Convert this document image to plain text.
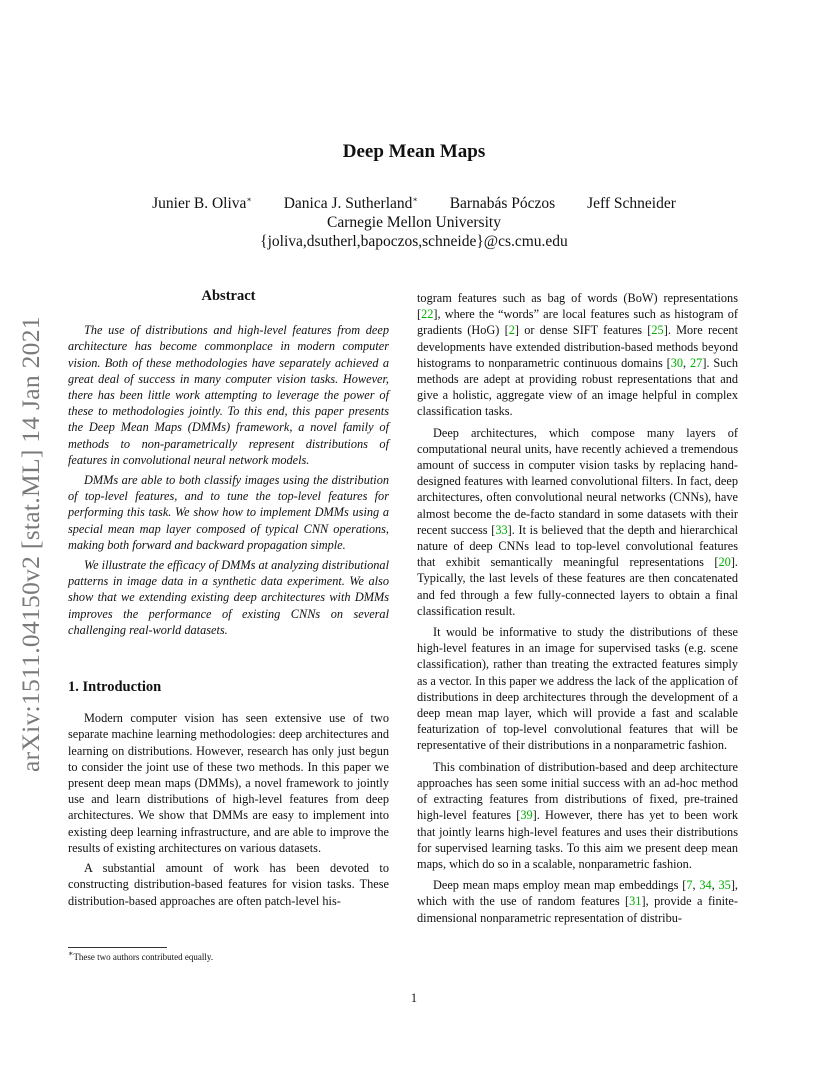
arXiv:1511.04150v2 [stat.ML] 14 Jan 2021
Deep Mean Maps
Junier B. Oliva∗ Danica J. Sutherland∗ Barnabás Póczos Jeff Schneider
Carnegie Mellon University
{joliva,dsutherl,bapoczos,schneide}@cs.cmu.edu

Abstract

The use of distributions and high-level features from deep architecture has become commonplace in modern computer vision. Both of these methodologies have separately achieved a great deal of success in many computer vision tasks. However, there has been little work attempting to leverage the power of these to methodologies jointly. To this end, this paper presents the Deep Mean Maps (DMMs) framework, a novel family of methods to non-parametrically represent distributions of features in convolutional neural network models.

DMMs are able to both classify images using the distribution of top-level features, and to tune the top-level features for performing this task. We show how to implement DMMs using a special mean map layer composed of typical CNN operations, making both forward and backward propagation simple.

We illustrate the efficacy of DMMs at analyzing distributional patterns in image data in a synthetic data experiment. We also show that we extending existing deep architectures with DMMs improves the performance of existing CNNs on several challenging real-world datasets.

1. Introduction

Modern computer vision has seen extensive use of two separate machine learning methodologies: deep architectures and learning on distributions. However, research has only just begun to consider the joint use of these two methods. In this paper we present deep mean maps (DMMs), a novel framework to jointly use and learn distributions of high-level features from deep architectures. We show that DMMs are easy to implement into existing deep learning infrastructure, and are able to improve the results of existing architectures on various datasets.

A substantial amount of work has been devoted to constructing distribution-based features for vision tasks. These distribution-based approaches are often patch-level his-

togram features such as bag of words (BoW) representations [22], where the “words” are local features such as histogram of gradients (HoG) [2] or dense SIFT features [25]. More recent developments have extended distribution-based methods beyond histograms to nonparametric continuous domains [30, 27]. Such methods are adept at providing robust representations that and give a holistic, aggregate view of an image helpful in complex classification tasks.

Deep architectures, which compose many layers of computational neural units, have recently achieved a tremendous amount of success in computer vision tasks by replacing hand-designed features with learned convolutional filters. In fact, deep architectures, often convolutional neural networks (CNNs), have almost become the de-facto standard in some datasets with their recent success [33]. It is believed that the depth and hierarchical nature of deep CNNs lead to top-level convolutional features that exhibit semantically meaningful representations [20]. Typically, the last levels of these features are then concatenated and fed through a few fully-connected layers to obtain a final classification result.

It would be informative to study the distributions of these high-level features in an image for supervised tasks (e.g. scene classification), rather than treating the extracted features simply as a vector. In this paper we address the lack of the application of distributions in deep architectures through the development of a deep mean map layer, which will provide a fast and scalable featurization of top-level convolutional features that will be representative of their distributions in a nonparametric fashion.

This combination of distribution-based and deep architecture approaches has seen some initial success with an ad-hoc method of extracting features from distributions of fixed, pre-trained high-level features [39]. However, there has yet to been work that jointly learns high-level features and uses their distributions for supervised learning tasks. To this aim we present deep mean maps, which do so in a scalable, nonparametric fashion.

Deep mean maps employ mean map embeddings [7, 34, 35], which with the use of random features [31], provide a finite-dimensional nonparametric representation of distribu-

∗These two authors contributed equally.
1
